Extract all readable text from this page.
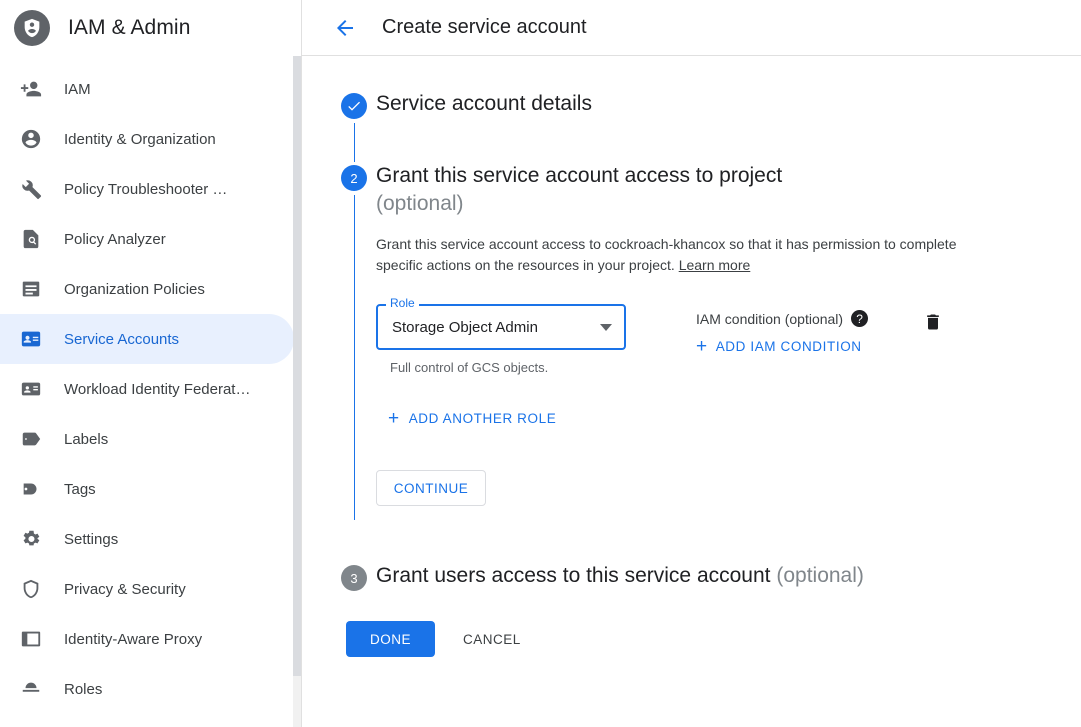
IAM & Admin
IAM
Identity & Organization
Policy Troubleshooter …
Policy Analyzer
Organization Policies
Service Accounts
Workload Identity Federat…
Labels
Tags
Settings
Privacy & Security
Identity-Aware Proxy
Roles
Create service account
Service account details
2 Grant this service account access to project
(optional)
Grant this service account access to cockroach-khancox so that it has permission to complete specific actions on the resources in your project. Learn more
Role
Storage Object Admin
Full control of GCS objects.
IAM condition (optional)	?
+ ADD IAM CONDITION
+ ADD ANOTHER ROLE
CONTINUE
3 Grant users access to this service account (optional)
DONE	CANCEL
